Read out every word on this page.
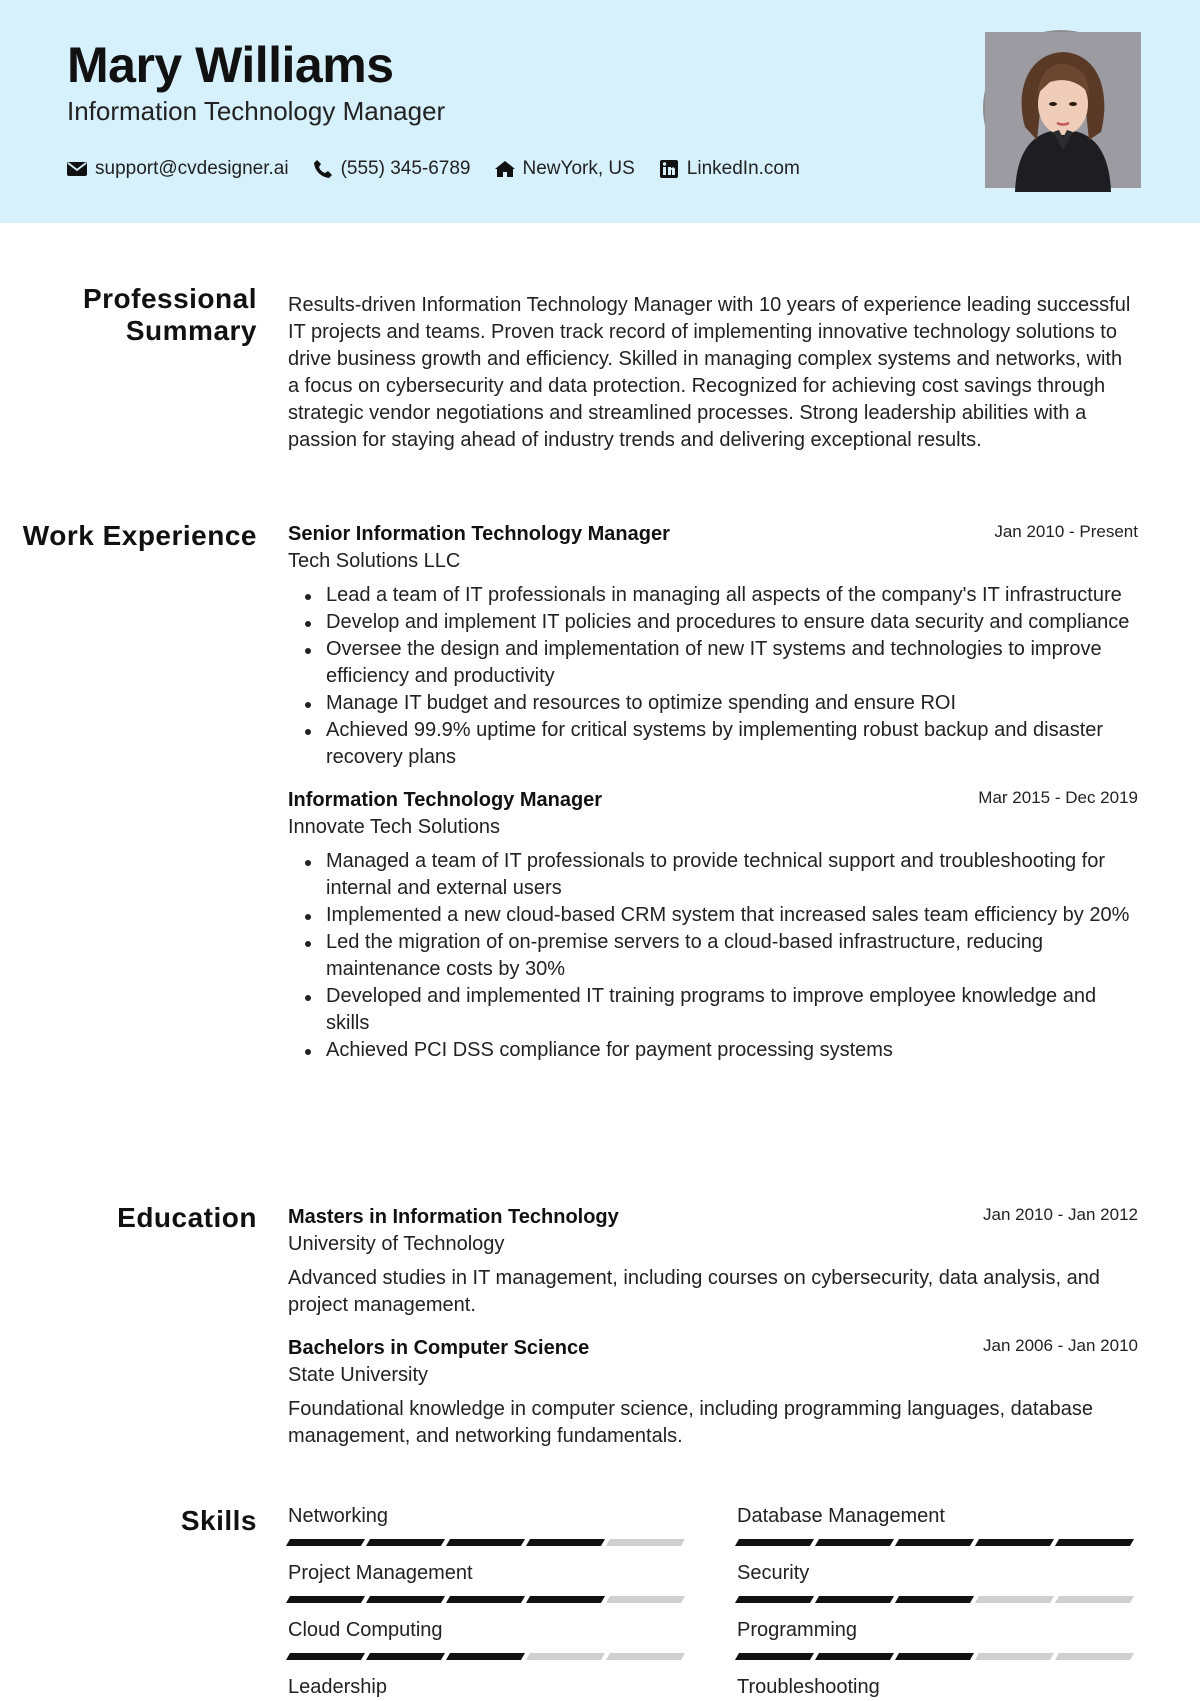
Mary Williams
Information Technology Manager
support@cvdesigner.ai	(555) 345-6789	NewYork, US	LinkedIn.com
Professional Summary
Results-driven Information Technology Manager with 10 years of experience leading successful IT projects and teams. Proven track record of implementing innovative technology solutions to drive business growth and efficiency. Skilled in managing complex systems and networks, with a focus on cybersecurity and data protection. Recognized for achieving cost savings through strategic vendor negotiations and streamlined processes. Strong leadership abilities with a passion for staying ahead of industry trends and delivering exceptional results.
Work Experience Senior Information Technology Manager	Jan 2010 - Present
Tech Solutions LLC
Lead a team of IT professionals in managing all aspects of the company's IT infrastructure
Develop and implement IT policies and procedures to ensure data security and compliance
Oversee the design and implementation of new IT systems and technologies to improve efficiency and productivity
Manage IT budget and resources to optimize spending and ensure ROI
Achieved 99.9% uptime for critical systems by implementing robust backup and disaster recovery plans
Information Technology Manager	Mar 2015 - Dec 2019
Innovate Tech Solutions
Managed a team of IT professionals to provide technical support and troubleshooting for internal and external users
Implemented a new cloud-based CRM system that increased sales team efficiency by 20%
Led the migration of on-premise servers to a cloud-based infrastructure, reducing maintenance costs by 30%
Developed and implemented IT training programs to improve employee knowledge and skills
Achieved PCI DSS compliance for payment processing systems
Education Masters in Information Technology	Jan 2010 - Jan 2012
University of Technology
Advanced studies in IT management, including courses on cybersecurity, data analysis, and project management.
Bachelors in Computer Science	Jan 2006 - Jan 2010
State University
Foundational knowledge in computer science, including programming languages, database management, and networking fundamentals.
Skills Networking	Database Management
Project Management	Security
Cloud Computing	Programming
Leadership	Troubleshooting
